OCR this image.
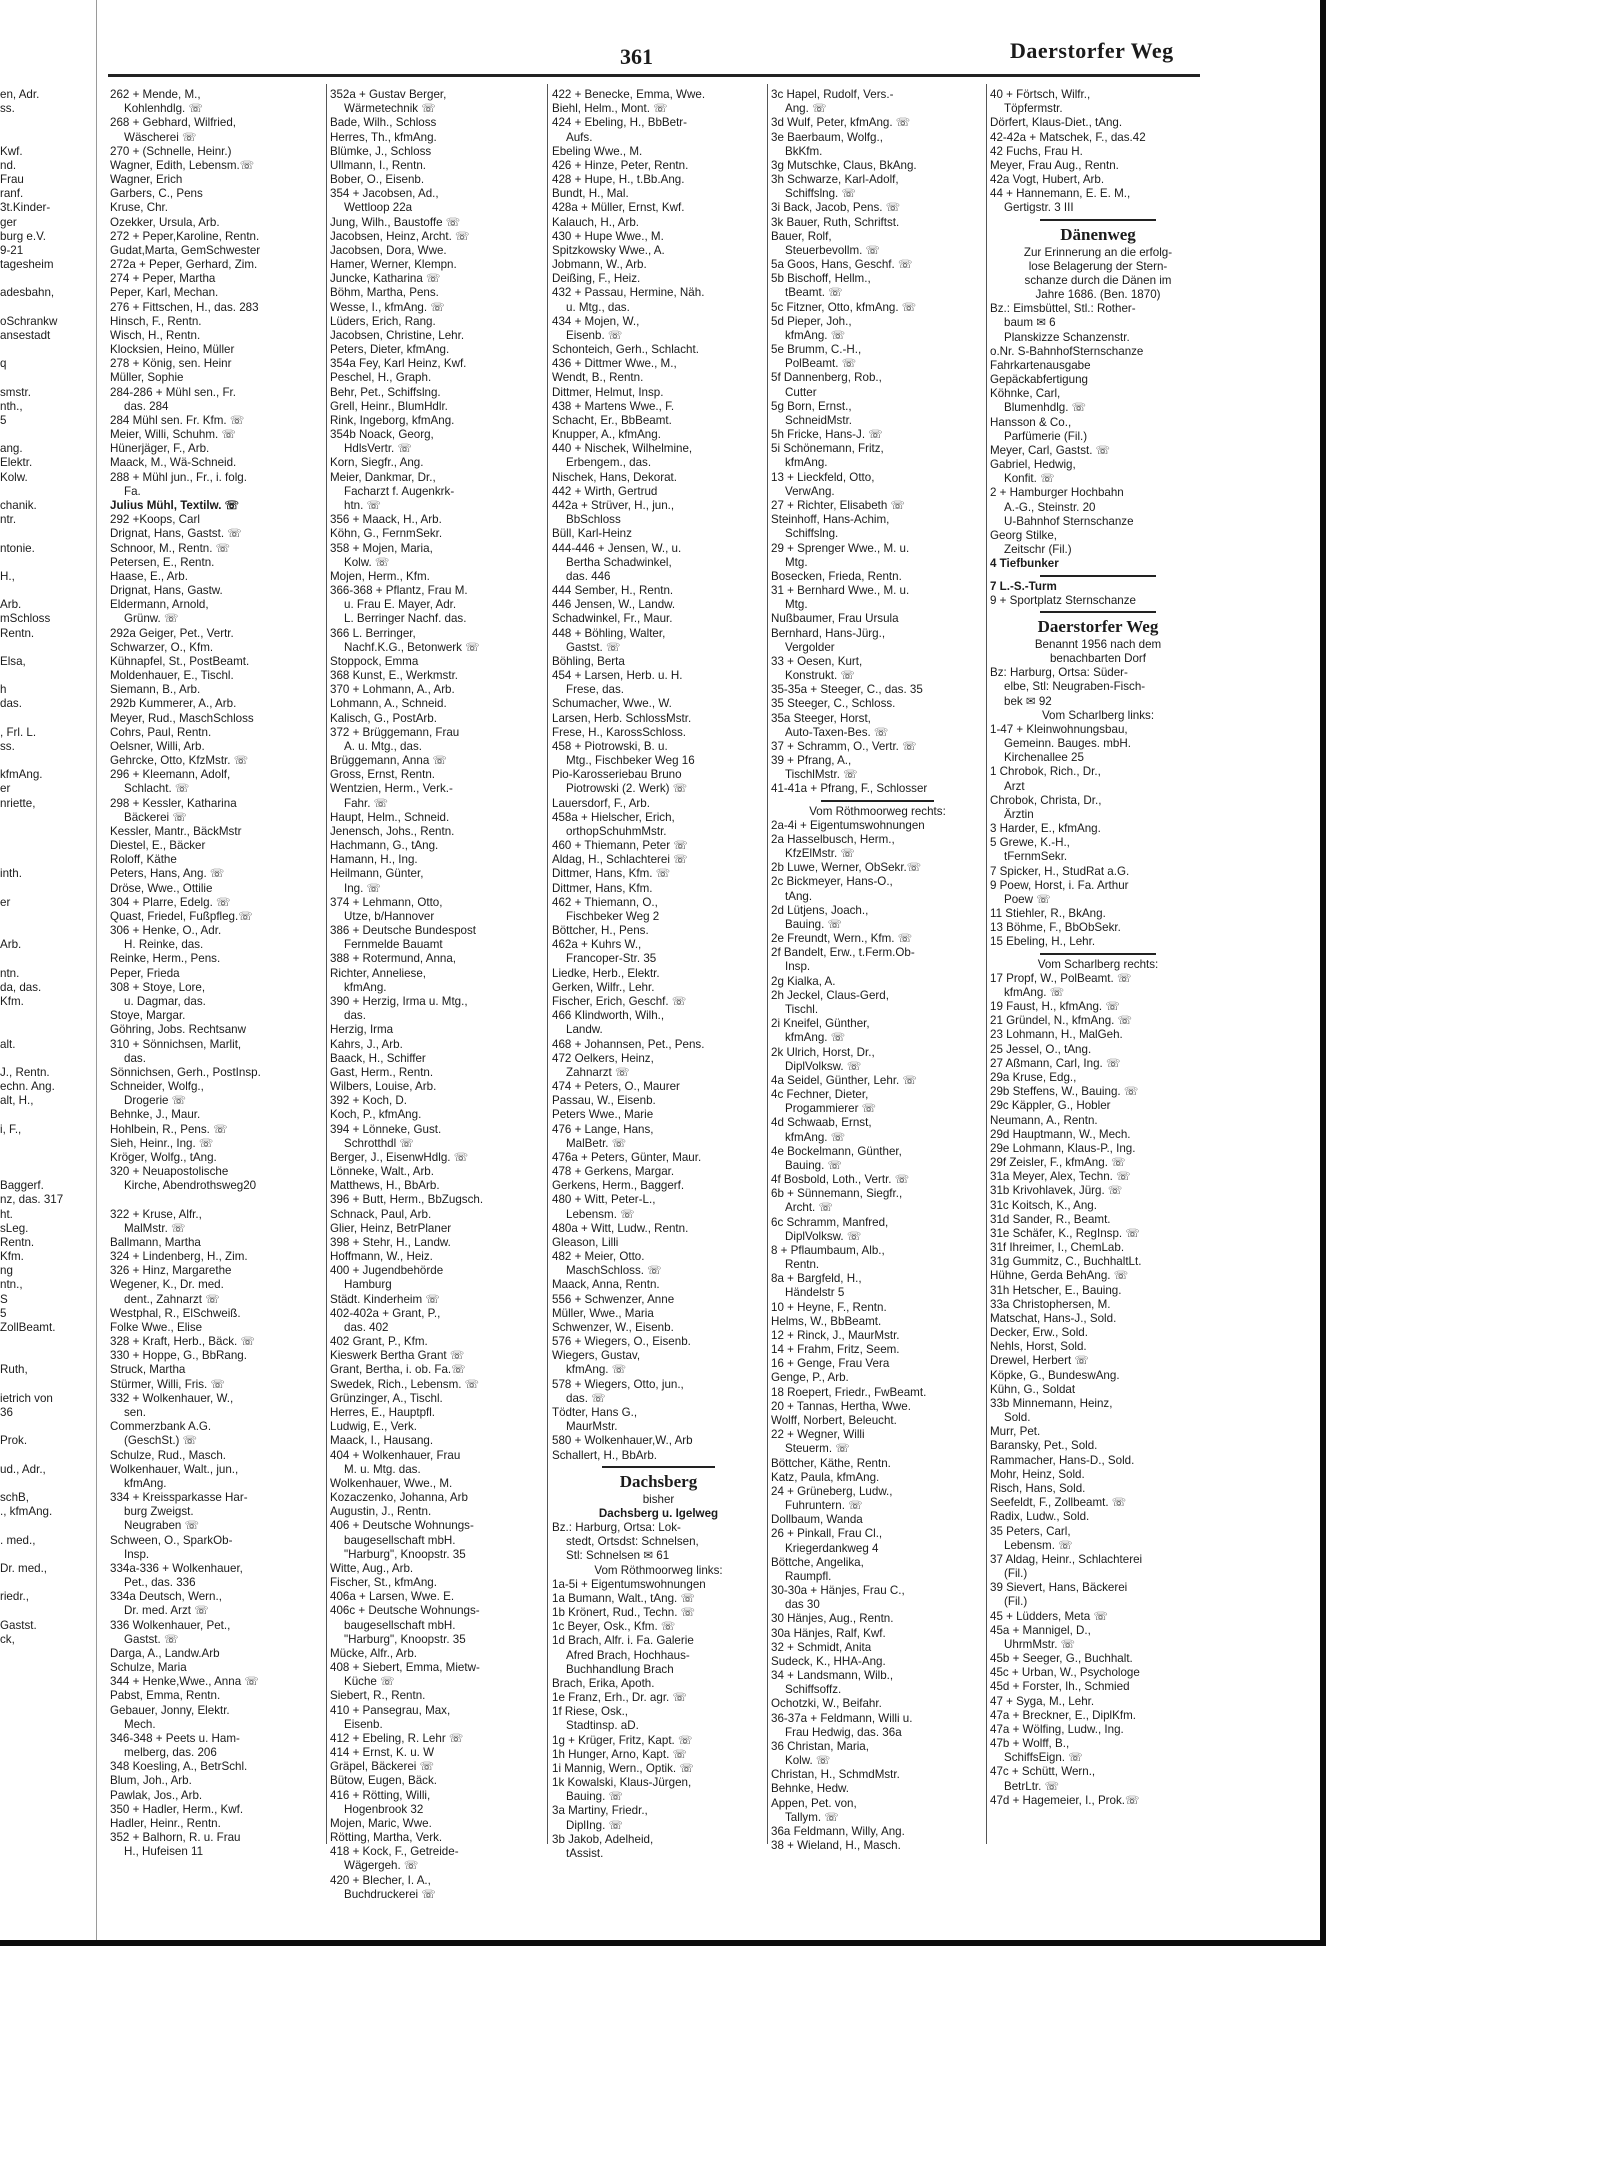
361	Daerstorfer Weg
en, Adr.
ss.
Kwf.
nd.
Frau
ranf.
3t.Kinder-
ger
burg e.V.
9-21
tagesheim
adesbahn,
oSchrankw
ansestadt
q
smstr.
nth.,
5
ang.
Elektr.
Kolw.
chanik.
ntr.
ntonie.
H.,
Arb.
mSchloss
Rentn.
Elsa,
h
das.
, Frl. L.
ss.
kfmAng.
er
nriette,
inth.
er
Arb.
ntn.
da, das.
Kfm.
alt.
J., Rentn.
echn. Ang.
alt, H.,
i, F.,
Baggerf.
nz, das. 317
ht.
sLeg.
Rentn.
Kfm.
ng
ntn.,
S
5
ZollBeamt.
Ruth,
ietrich von
36
Prok.
ud., Adr.,
schB,
., kfmAng.
. med.,
Dr. med.,
riedr.,
Gastst.
ck,
262 + Mende, M.,
Kohlenhdlg. ☏
268 + Gebhard, Wilfried,
Wäscherei ☏
270 + (Schnelle, Heinr.)
Wagner, Edith, Lebensm.☏
Wagner, Erich
Garbers, C., Pens
Kruse, Chr.
Ozekker, Ursula, Arb.
272 + Peper,Karoline, Rentn.
Gudat,Marta, GemSchwester
272a + Peper, Gerhard, Zim.
274 + Peper, Martha
Peper, Karl, Mechan.
276 + Fittschen, H., das. 283
Hinsch, F., Rentn.
Wisch, H., Rentn.
Klocksien, Heino, Müller
278 + König, sen. Heinr
Müller, Sophie
284-286 + Mühl sen., Fr.
das. 284
284 Mühl sen. Fr. Kfm. ☏
Meier, Willi, Schuhm. ☏
Hünerjäger, F., Arb.
Maack, M., Wä-Schneid.
288 + Mühl jun., Fr., i. folg.
Fa.
Julius Mühl, Textilw. ☏
292 +Koops, Carl
Drignat, Hans, Gastst. ☏
Schnoor, M., Rentn. ☏
Petersen, E., Rentn.
Haase, E., Arb.
Drignat, Hans, Gastw.
Eldermann, Arnold,
Grünw. ☏
292a Geiger, Pet., Vertr.
Schwarzer, O., Kfm.
Kühnapfel, St., PostBeamt.
Moldenhauer, E., Tischl.
Siemann, B., Arb.
292b Kummerer, A., Arb.
Meyer, Rud., MaschSchloss
Cohrs, Paul, Rentn.
Oelsner, Willi, Arb.
Gehrcke, Otto, KfzMstr. ☏
296 + Kleemann, Adolf,
Schlacht. ☏
298 + Kessler, Katharina
Bäckerei ☏
Kessler, Mantr., BäckMstr
Diestel, E., Bäcker
Roloff, Käthe
Peters, Hans, Ang. ☏
Dröse, Wwe., Ottilie
304 + Plarre, Edelg. ☏
Quast, Friedel, Fußpfleg.☏
306 + Henke, O., Adr.
H. Reinke, das.
Reinke, Herm., Pens.
Peper, Frieda
308 + Stoye, Lore,
u. Dagmar, das.
Stoye, Margar.
Göhring, Jobs. Rechtsanw
310 + Sönnichsen, Marlit,
das.
Sönnichsen, Gerh., PostInsp.
Schneider, Wolfg.,
Drogerie ☏
Behnke, J., Maur.
Hohlbein, R., Pens. ☏
Sieh, Heinr., Ing. ☏
Kröger, Wolfg., tAng.
320 + Neuapostolische
Kirche, Abendrothsweg20
322 + Kruse, Alfr.,
MalMstr. ☏
Ballmann, Martha
324 + Lindenberg, H., Zim.
326 + Hinz, Margarethe
Wegener, K., Dr. med.
dent., Zahnarzt ☏
Westphal, R., ElSchweiß.
Folke Wwe., Elise
328 + Kraft, Herb., Bäck. ☏
330 + Hoppe, G., BbRang.
Struck, Martha
Stürmer, Willi, Fris. ☏
332 + Wolkenhauer, W.,
sen.
Commerzbank A.G.
(GeschSt.) ☏
Schulze, Rud., Masch.
Wolkenhauer, Walt., jun.,
kfmAng.
334 + Kreissparkasse Har-
burg Zweigst.
Neugraben ☏
Schween, O., SparkOb-
Insp.
334a-336 + Wolkenhauer,
Pet., das. 336
334a Deutsch, Wern.,
Dr. med. Arzt ☏
336 Wolkenhauer, Pet.,
Gastst. ☏
Darga, A., Landw.Arb
Schulze, Maria
344 + Henke,Wwe., Anna ☏
Pabst, Emma, Rentn.
Gebauer, Jonny, Elektr.
Mech.
346-348 + Peets u. Ham-
melberg, das. 206
348 Koesling, A., BetrSchl.
Blum, Joh., Arb.
Pawlak, Jos., Arb.
350 + Hadler, Herm., Kwf.
Hadler, Heinr., Rentn.
352 + Balhorn, R. u. Frau
H., Hufeisen 11
352a + Gustav Berger,
Wärmetechnik ☏
Bade, Wilh., Schloss
Herres, Th., kfmAng.
Blümke, J., Schloss
Ullmann, I., Rentn.
Bober, O., Eisenb.
354 + Jacobsen, Ad.,
Wettloop 22a
Jung, Wilh., Baustoffe ☏
Jacobsen, Heinz, Archt. ☏
Jacobsen, Dora, Wwe.
Hamer, Werner, Klempn.
Juncke, Katharina ☏
Böhm, Martha, Pens.
Wesse, I., kfmAng. ☏
Lüders, Erich, Rang.
Jacobsen, Christine, Lehr.
Peters, Dieter, kfmAng.
354a Fey, Karl Heinz, Kwf.
Peschel, H., Graph.
Behr, Pet., Schiffslng.
Grell, Heinr., BlumHdlr.
Rink, Ingeborg, kfmAng.
354b Noack, Georg,
HdlsVertr. ☏
Korn, Siegfr., Ang.
Meier, Dankmar, Dr.,
Facharzt f. Augenkrk-
htn. ☏
356 + Maack, H., Arb.
Köhn, G., FernmSekr.
358 + Mojen, Maria,
Kolw. ☏
Mojen, Herm., Kfm.
366-368 + Pflantz, Frau M.
u. Frau E. Mayer, Adr.
L. Berringer Nachf. das.
366 L. Berringer,
Nachf.K.G., Betonwerk ☏
Stoppock, Emma
368 Kunst, E., Werkmstr.
370 + Lohmann, A., Arb.
Lohmann, A., Schneid.
Kalisch, G., PostArb.
372 + Brüggemann, Frau
A. u. Mtg., das.
Brüggemann, Anna ☏
Gross, Ernst, Rentn.
Wentzien, Herm., Verk.-
Fahr. ☏
Haupt, Helm., Schneid.
Jenensch, Johs., Rentn.
Hachmann, G., tAng.
Hamann, H., Ing.
Heilmann, Günter,
Ing. ☏
374 + Lehmann, Otto,
Utze, b/Hannover
386 + Deutsche Bundespost
Fernmelde Bauamt
388 + Rotermund, Anna,
Richter, Anneliese,
kfmAng.
390 + Herzig, Irma u. Mtg.,
das.
Herzig, Irma
Kahrs, J., Arb.
Baack, H., Schiffer
Gast, Herm., Rentn.
Wilbers, Louise, Arb.
392 + Koch, D.
Koch, P., kfmAng.
394 + Lönneke, Gust.
Schrotthdl ☏
Berger, J., EisenwHdlg. ☏
Lönneke, Walt., Arb.
Matthews, H., BbArb.
396 + Butt, Herm., BbZugsch.
Schnack, Paul, Arb.
Glier, Heinz, BetrPlaner
398 + Stehr, H., Landw.
Hoffmann, W., Heiz.
400 + Jugendbehörde
Hamburg
Städt. Kinderheim ☏
402-402a + Grant, P.,
das. 402
402 Grant, P., Kfm.
Kieswerk Bertha Grant ☏
Grant, Bertha, i. ob. Fa.☏
Swedek, Rich., Lebensm. ☏
Grünzinger, A., Tischl.
Herres, E., Hauptpfl.
Ludwig, E., Verk.
Maack, I., Hausang.
404 + Wolkenhauer, Frau
M. u. Mtg. das.
Wolkenhauer, Wwe., M.
Kozaczenko, Johanna, Arb
Augustin, J., Rentn.
406 + Deutsche Wohnungs-
baugesellschaft mbH.
"Harburg", Knoopstr. 35
Witte, Aug., Arb.
Fischer, St., kfmAng.
406a + Larsen, Wwe. E.
406c + Deutsche Wohnungs-
baugesellschaft mbH.
"Harburg", Knoopstr. 35
Mücke, Alfr., Arb.
408 + Siebert, Emma, Mietw-
Küche ☏
Siebert, R., Rentn.
410 + Pansegrau, Max,
Eisenb.
412 + Ebeling, R. Lehr ☏
414 + Ernst, K. u. W
Gräpel, Bäckerei ☏
Bütow, Eugen, Bäck.
416 + Rötting, Willi,
Hogenbrook 32
Mojen, Maric, Wwe.
Rötting, Martha, Verk.
418 + Kock, F., Getreide-
Wägergeh. ☏
420 + Blecher, I. A.,
Buchdruckerei ☏
422 + Benecke, Emma, Wwe.
Biehl, Helm., Mont. ☏
424 + Ebeling, H., BbBetr-
Aufs.
Ebeling Wwe., M.
426 + Hinze, Peter, Rentn.
428 + Hupe, H., t.Bb.Ang.
Bundt, H., Mal.
428a + Müller, Ernst, Kwf.
Kalauch, H., Arb.
430 + Hupe Wwe., M.
Spitzkowsky Wwe., A.
Jobmann, W., Arb.
Deißing, F., Heiz.
432 + Passau, Hermine, Näh.
u. Mtg., das.
434 + Mojen, W.,
Eisenb. ☏
Schonteich, Gerh., Schlacht.
436 + Dittmer Wwe., M.,
Wendt, B., Rentn.
Dittmer, Helmut, Insp.
438 + Martens Wwe., F.
Schacht, Er., BbBeamt.
Knupper, A., kfmAng.
440 + Nischek, Wilhelmine,
Erbengem., das.
Nischek, Hans, Dekorat.
442 + Wirth, Gertrud
442a + Strüver, H., jun.,
BbSchloss
Büll, Karl-Heinz
444-446 + Jensen, W., u.
Bertha Schadwinkel,
das. 446
444 Sember, H., Rentn.
446 Jensen, W., Landw.
Schadwinkel, Fr., Maur.
448 + Böhling, Walter,
Gastst. ☏
Böhling, Berta
454 + Larsen, Herb. u. H.
Frese, das.
Schumacher, Wwe., W.
Larsen, Herb. SchlossMstr.
Frese, H., KarossSchloss.
458 + Piotrowski, B. u.
Mtg., Fischbeker Weg 16
Pio-Karosseriebau Bruno
Piotrowski (2. Werk) ☏
Lauersdorf, F., Arb.
458a + Hielscher, Erich,
orthopSchuhmMstr.
460 + Thiemann, Peter ☏
Aldag, H., Schlachterei ☏
Dittmer, Hans, Kfm. ☏
Dittmer, Hans, Kfm.
462 + Thiemann, O.,
Fischbeker Weg 2
Böttcher, H., Pens.
462a + Kuhrs W.,
Francoper-Str. 35
Liedke, Herb., Elektr.
Gerken, Wilfr., Lehr.
Fischer, Erich, Geschf. ☏
466 Klindworth, Wilh.,
Landw.
468 + Johannsen, Pet., Pens.
472 Oelkers, Heinz,
Zahnarzt ☏
474 + Peters, O., Maurer
Passau, W., Eisenb.
Peters Wwe., Marie
476 + Lange, Hans,
MalBetr. ☏
476a + Peters, Günter, Maur.
478 + Gerkens, Margar.
Gerkens, Herm., Baggerf.
480 + Witt, Peter-L.,
Lebensm. ☏
480a + Witt, Ludw., Rentn.
Gleason, Lilli
482 + Meier, Otto.
MaschSchloss. ☏
Maack, Anna, Rentn.
556 + Schwenzer, Anne
Müller, Wwe., Maria
Schwenzer, W., Eisenb.
576 + Wiegers, O., Eisenb.
Wiegers, Gustav,
kfmAng. ☏
578 + Wiegers, Otto, jun.,
das. ☏
Tödter, Hans G.,
MaurMstr.
580 + Wolkenhauer,W., Arb
Schallert, H., BbArb.
Dachsberg
bisher
Dachsberg u. Igelweg
Bz.: Harburg, Ortsa: Lok-
stedt, Ortsdst: Schnelsen,
Stl: Schnelsen ✉ 61
Vom Röthmoorweg links:
1a-5i + Eigentumswohnungen
1a Bumann, Walt., tAng. ☏
1b Krönert, Rud., Techn. ☏
1c Beyer, Osk., Kfm. ☏
1d Brach, Alfr. i. Fa. Galerie
Afred Brach, Hochhaus-
Buchhandlung Brach
Brach, Erika, Apoth.
1e Franz, Erh., Dr. agr. ☏
1f Riese, Osk.,
Stadtinsp. aD.
1g + Krüger, Fritz, Kapt. ☏
1h Hunger, Arno, Kapt. ☏
1i Mannig, Wern., Optik. ☏
1k Kowalski, Klaus-Jürgen,
Bauing. ☏
3a Martiny, Friedr.,
DiplIng. ☏
3b Jakob, Adelheid,
tAssist.
3c Hapel, Rudolf, Vers.-
Ang. ☏
3d Wulf, Peter, kfmAng. ☏
3e Baerbaum, Wolfg.,
BkKfm.
3g Mutschke, Claus, BkAng.
3h Schwarze, Karl-Adolf,
Schiffslng. ☏
3i Back, Jacob, Pens. ☏
3k Bauer, Ruth, Schriftst.
Bauer, Rolf,
Steuerbevollm. ☏
5a Goos, Hans, Geschf. ☏
5b Bischoff, Hellm.,
tBeamt. ☏
5c Fitzner, Otto, kfmAng. ☏
5d Pieper, Joh.,
kfmAng. ☏
5e Brumm, C.-H.,
PolBeamt. ☏
5f Dannenberg, Rob.,
Cutter
5g Born, Ernst.,
SchneidMstr.
5h Fricke, Hans-J. ☏
5i Schönemann, Fritz,
kfmAng.
13 + Lieckfeld, Otto,
VerwAng.
27 + Richter, Elisabeth ☏
Steinhoff, Hans-Achim,
Schiffslng.
29 + Sprenger Wwe., M. u.
Mtg.
Bosecken, Frieda, Rentn.
31 + Bernhard Wwe., M. u.
Mtg.
Nußbaumer, Frau Ursula
Bernhard, Hans-Jürg.,
Vergolder
33 + Oesen, Kurt,
Konstrukt. ☏
35-35a + Steeger, C., das. 35
35 Steeger, C., Schloss.
35a Steeger, Horst,
Auto-Taxen-Bes. ☏
37 + Schramm, O., Vertr. ☏
39 + Pfrang, A.,
TischlMstr. ☏
41-41a + Pfrang, F., Schlosser
Vom Röthmoorweg rechts:
2a-4i + Eigentumswohnungen
2a Hasselbusch, Herm.,
KfzElMstr. ☏
2b Luwe, Werner, ObSekr.☏
2c Bickmeyer, Hans-O.,
tAng.
2d Lütjens, Joach.,
Bauing. ☏
2e Freundt, Wern., Kfm. ☏
2f Bandelt, Erw., t.Ferm.Ob-
Insp.
2g Kialka, A.
2h Jeckel, Claus-Gerd,
Tischl.
2i Kneifel, Günther,
kfmAng. ☏
2k Ulrich, Horst, Dr.,
DiplVolksw. ☏
4a Seidel, Günther, Lehr. ☏
4c Fechner, Dieter,
Progammierer ☏
4d Schwaab, Ernst,
kfmAng. ☏
4e Bockelmann, Günther,
Bauing. ☏
4f Bosbold, Loth., Vertr. ☏
6b + Sünnemann, Siegfr.,
Archt. ☏
6c Schramm, Manfred,
DiplVolksw. ☏
8 + Pflaumbaum, Alb.,
Rentn.
8a + Bargfeld, H.,
Händelstr 5
10 + Heyne, F., Rentn.
Helms, W., BbBeamt.
12 + Rinck, J., MaurMstr.
14 + Frahm, Fritz, Seem.
16 + Genge, Frau Vera
Genge, P., Arb.
18 Roepert, Friedr., FwBeamt.
20 + Tannas, Hertha, Wwe.
Wolff, Norbert, Beleucht.
22 + Wegner, Willi
Steuerm. ☏
Böttcher, Käthe, Rentn.
Katz, Paula, kfmAng.
24 + Grüneberg, Ludw.,
Fuhruntern. ☏
Dollbaum, Wanda
26 + Pinkall, Frau Cl.,
Kriegerdankweg 4
Böttche, Angelika,
Raumpfl.
30-30a + Hänjes, Frau C.,
das 30
30 Hänjes, Aug., Rentn.
30a Hänjes, Ralf, Kwf.
32 + Schmidt, Anita
Sudeck, K., HHA-Ang.
34 + Landsmann, Wilb.,
Schiffsoffz.
Ochotzki, W., Beifahr.
36-37a + Feldmann, Willi u.
Frau Hedwig, das. 36a
36 Christan, Maria,
Kolw. ☏
Christan, H., SchmdMstr.
Behnke, Hedw.
Appen, Pet. von,
Tallym. ☏
36a Feldmann, Willy, Ang.
38 + Wieland, H., Masch.
40 + Förtsch, Wilfr.,
Töpfermstr.
Dörfert, Klaus-Diet., tAng.
42-42a + Matschek, F., das.42
42 Fuchs, Frau H.
Meyer, Frau Aug., Rentn.
42a Vogt, Hubert, Arb.
44 + Hannemann, E. E. M.,
Gertigstr. 3 III
Dänenweg
Zur Erinnerung an die erfolg-
lose Belagerung der Stern-
schanze durch die Dänen im
Jahre 1686. (Ben. 1870)
Bz.: Eimsbüttel, Stl.: Rother-
baum ✉ 6
Planskizze Schanzenstr.
o.Nr. S-BahnhofSternschanze
Fahrkartenausgabe
Gepäckabfertigung
Köhnke, Carl,
Blumenhdlg. ☏
Hansson & Co.,
Parfümerie (Fil.)
Meyer, Carl, Gastst. ☏
Gabriel, Hedwig,
Konfit. ☏
2 + Hamburger Hochbahn
A.-G., Steinstr. 20
U-Bahnhof Sternschanze
Georg Stilke,
Zeitschr (Fil.)
4 Tiefbunker
7 L.-S.-Turm
9 + Sportplatz Sternschanze
Daerstorfer Weg
Benannt 1956 nach dem
benachbarten Dorf
Bz: Harburg, Ortsa: Süder-
elbe, Stl: Neugraben-Fisch-
bek ✉ 92
Vom Scharlberg links:
1-47 + Kleinwohnungsbau,
Gemeinn. Bauges. mbH.
Kirchenallee 25
1 Chrobok, Rich., Dr.,
Arzt
Chrobok, Christa, Dr.,
Ärztin
3 Harder, E., kfmAng.
5 Grewe, K.-H.,
tFernmSekr.
7 Spicker, H., StudRat a.G.
9 Poew, Horst, i. Fa. Arthur
Poew ☏
11 Stiehler, R., BkAng.
13 Böhme, F., BbObSekr.
15 Ebeling, H., Lehr.
Vom Scharlberg rechts:
17 Propf, W., PolBeamt. ☏
kfmAng. ☏
19 Faust, H., kfmAng. ☏
21 Gründel, N., kfmAng. ☏
23 Lohmann, H., MalGeh.
25 Jessel, O., tAng.
27 Aßmann, Carl, Ing. ☏
29a Kruse, Edg.,
29b Steffens, W., Bauing. ☏
29c Käppler, G., Hobler
Neumann, A., Rentn.
29d Hauptmann, W., Mech.
29e Lohmann, Klaus-P., Ing.
29f Zeisler, F., kfmAng. ☏
31a Meyer, Alex, Techn. ☏
31b Krivohlavek, Jürg. ☏
31c Koitsch, K., Ang.
31d Sander, R., Beamt.
31e Schäfer, K., RegInsp. ☏
31f Ihreimer, I., ChemLab.
31g Gummitz, C., BuchhaltLt.
Hühne, Gerda BehAng. ☏
31h Hetscher, E., Bauing.
33a Christophersen, M.
Matschat, Hans-J., Sold.
Decker, Erw., Sold.
Nehls, Horst, Sold.
Drewel, Herbert ☏
Köpke, G., BundeswAng.
Kühn, G., Soldat
33b Minnemann, Heinz,
Sold.
Murr, Pet.
Baransky, Pet., Sold.
Rammacher, Hans-D., Sold.
Mohr, Heinz, Sold.
Risch, Hans, Sold.
Seefeldt, F., Zollbeamt. ☏
Radix, Ludw., Sold.
35 Peters, Carl,
Lebensm. ☏
37 Aldag, Heinr., Schlachterei
(Fil.)
39 Sievert, Hans, Bäckerei
(Fil.)
45 + Lüdders, Meta ☏
45a + Mannigel, D.,
UhrmMstr. ☏
45b + Seeger, G., Buchhalt.
45c + Urban, W., Psychologe
45d + Forster, Ih., Schmied
47 + Syga, M., Lehr.
47a + Breckner, E., DiplKfm.
47a + Wölfing, Ludw., Ing.
47b + Wolff, B.,
SchiffsEign. ☏
47c + Schütt, Wern.,
BetrLtr. ☏
47d + Hagemeier, I., Prok.☏
